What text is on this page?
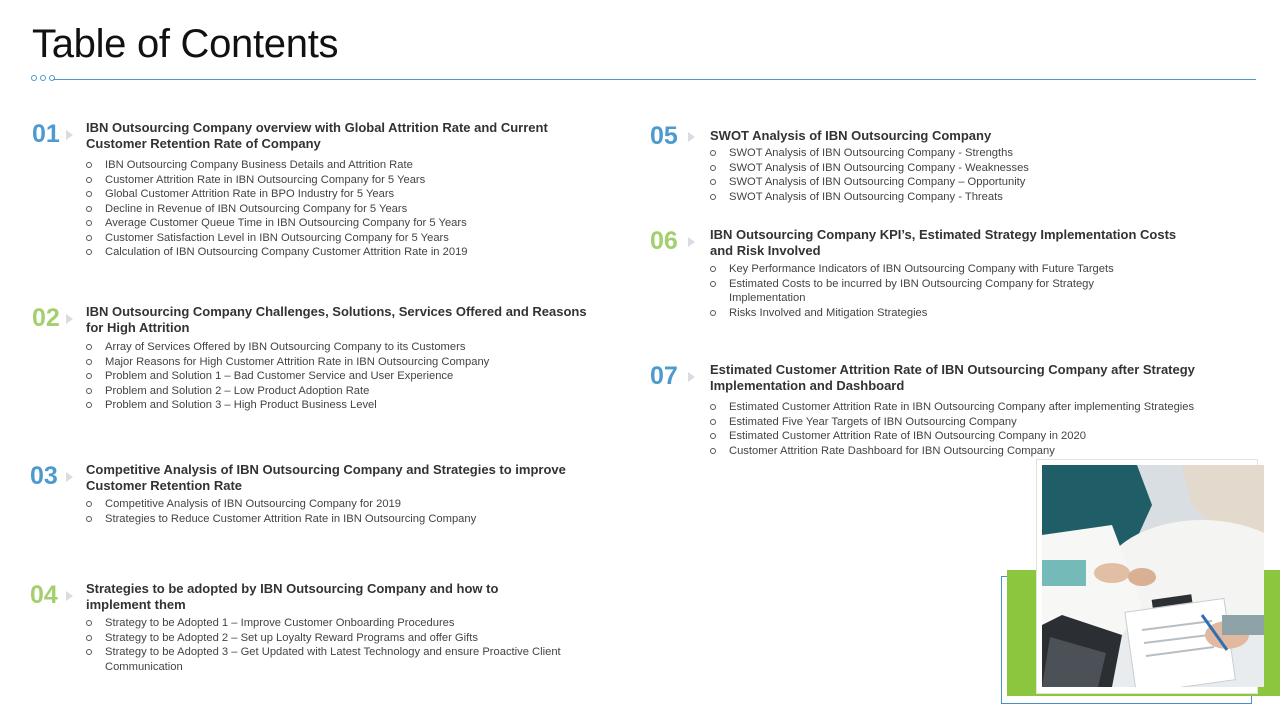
Table of Contents
01 IBN Outsourcing Company overview with Global Attrition Rate and Current Customer Retention Rate of Company
IBN Outsourcing Company Business Details and Attrition Rate
Customer Attrition Rate in IBN Outsourcing Company for 5 Years
Global Customer Attrition Rate in BPO Industry for 5 Years
Decline in Revenue of IBN Outsourcing Company for 5 Years
Average Customer Queue Time in IBN Outsourcing Company for 5 Years
Customer Satisfaction Level in IBN Outsourcing Company for 5 Years
Calculation of IBN Outsourcing Company Customer Attrition Rate in 2019
02 IBN Outsourcing Company Challenges, Solutions, Services Offered and Reasons for High Attrition
Array of Services Offered by IBN Outsourcing Company to its Customers
Major Reasons for High Customer Attrition Rate in IBN Outsourcing Company
Problem and Solution 1 – Bad Customer Service and User Experience
Problem and Solution 2 – Low Product Adoption Rate
Problem and Solution 3 – High Product Business Level
03 Competitive Analysis of IBN Outsourcing Company and Strategies to improve Customer Retention Rate
Competitive Analysis of IBN Outsourcing Company for 2019
Strategies to Reduce Customer Attrition Rate in IBN Outsourcing Company
04 Strategies to be adopted by IBN Outsourcing Company and how to implement them
Strategy to be Adopted 1 – Improve Customer Onboarding Procedures
Strategy to be Adopted 2 – Set up Loyalty Reward Programs and offer Gifts
Strategy to be Adopted 3 – Get Updated with Latest Technology and ensure Proactive Client Communication
05 SWOT Analysis of IBN Outsourcing Company
SWOT Analysis of IBN Outsourcing Company - Strengths
SWOT Analysis of IBN Outsourcing Company - Weaknesses
SWOT Analysis of IBN Outsourcing Company – Opportunity
SWOT Analysis of IBN Outsourcing Company - Threats
06 IBN Outsourcing Company KPI’s, Estimated Strategy Implementation Costs and Risk Involved
Key Performance Indicators of IBN Outsourcing Company with Future Targets
Estimated Costs to be incurred by IBN Outsourcing Company for Strategy Implementation
Risks Involved and Mitigation Strategies
07 Estimated Customer Attrition Rate of IBN Outsourcing Company after Strategy Implementation and Dashboard
Estimated Customer Attrition Rate in IBN Outsourcing Company after implementing Strategies
Estimated Five Year Targets of IBN Outsourcing Company
Estimated Customer Attrition Rate of IBN Outsourcing Company in 2020
Customer Attrition Rate Dashboard for IBN Outsourcing Company
